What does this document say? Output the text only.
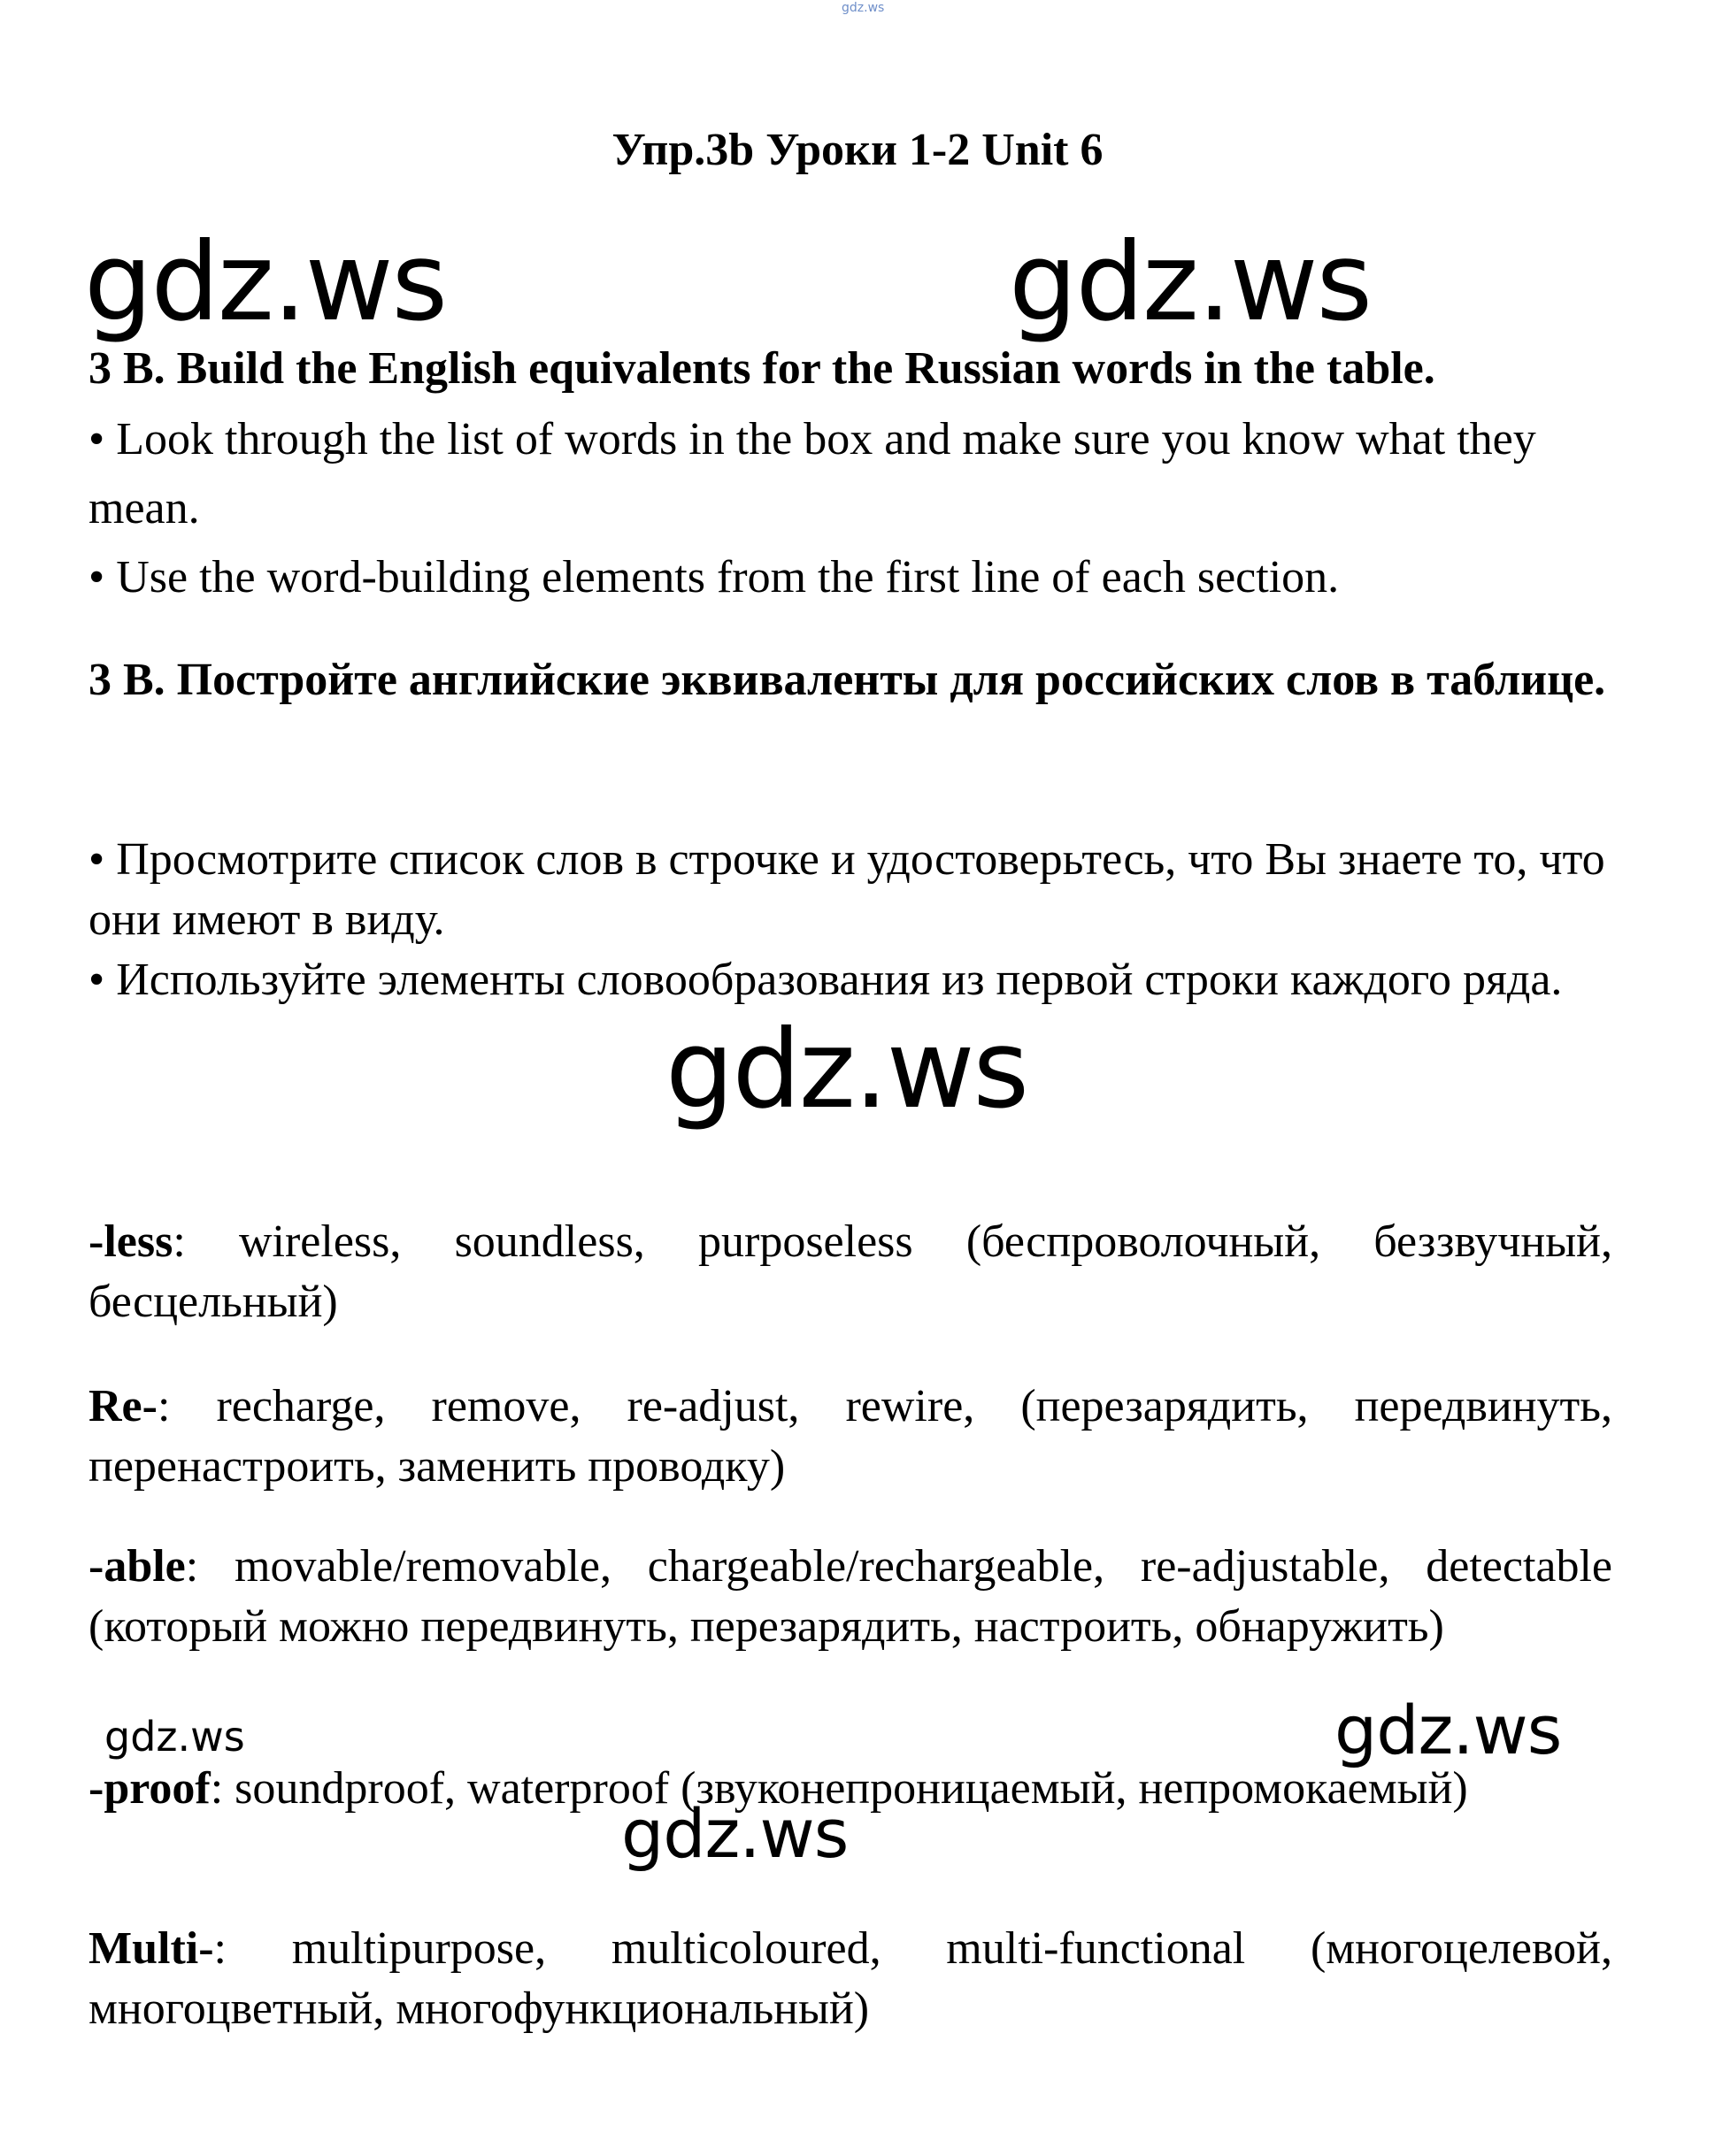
gdz.ws
gdz.ws	gdz.ws
gdz.ws
gdz.ws	gdz.ws
gdz.ws
Упр.3b Уроки 1-2 Unit 6
3 B. Build the English equivalents for the Russian words in the table.
• Look through the list of words in the box and make sure you know what they mean.
• Use the word-building elements from the first line of each section.
3 B. Постройте английские эквиваленты для российских слов в таблице.
• Просмотрите список слов в строчке и удостоверьтесь, что Вы знаете то, что они имеют в виду.
• Используйте элементы словообразования из первой строки каждого ряда.
-less: wireless, soundless, purposeless (беспроволочный, беззвучный, бесцельный)
Re-: recharge, remove, re-adjust, rewire, (перезарядить, передвинуть, перенастроить, заменить проводку)
-able: movable/removable, chargeable/rechargeable, re-adjustable, detectable (который можно передвинуть, перезарядить, настроить, обнаружить)
-proof: soundproof, waterproof (звуконепроницаемый, непромокаемый)
Multi-: multipurpose, multicoloured, multi-functional (многоцелевой, многоцветный, многофункциональный)
